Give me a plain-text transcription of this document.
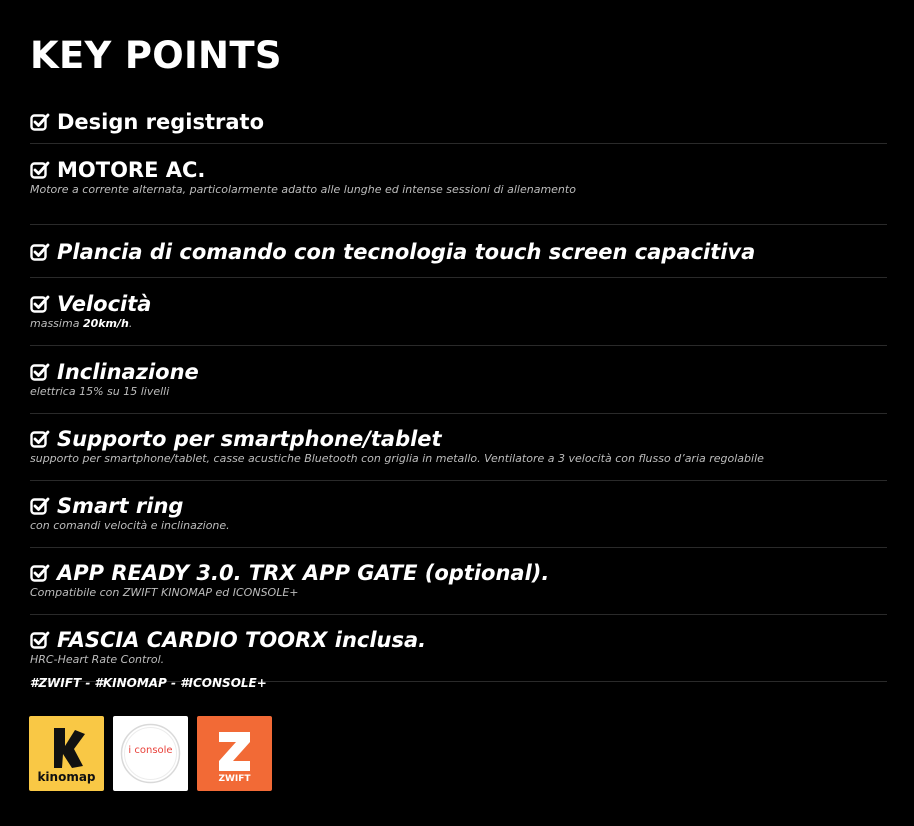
KEY POINTS
Design registrato
MOTORE AC.
Motore a corrente alternata, particolarmente adatto alle lunghe ed intense sessioni di allenamento
Plancia di comando con tecnologia touch screen capacitiva
Velocità
massima 20km/h.
Inclinazione
elettrica 15% su 15 livelli
Supporto per smartphone/tablet
supporto per smartphone/tablet, casse acustiche Bluetooth con griglia in metallo. Ventilatore a 3 velocità con flusso d’aria regolabile
Smart ring
con comandi velocità e inclinazione.
APP READY 3.0. TRX APP GATE (optional).
Compatibile con ZWIFT KINOMAP ed ICONSOLE+
FASCIA CARDIO TOORX inclusa.
HRC-Heart Rate Control.
#ZWIFT - #KINOMAP - #ICONSOLE+
kinomap
i console
ZWIFT
